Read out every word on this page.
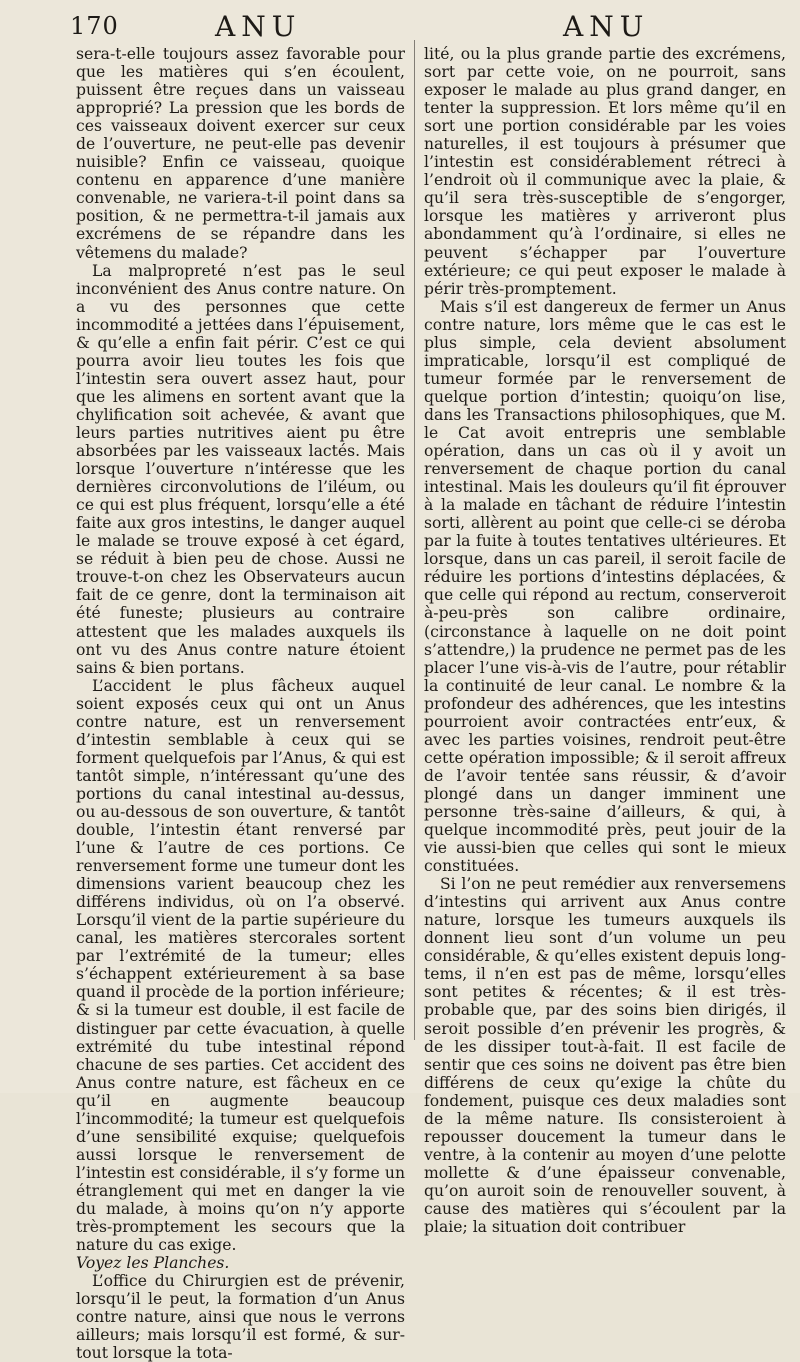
170	ANU	ANU

sera-t-elle toujours assez favorable pour que les matières qui s’en écoulent, puissent être reçues dans un vaisseau approprié? La pression que les bords de ces vaisseaux doivent exercer sur ceux de l’ouverture, ne peut-elle pas devenir nuisible? Enfin ce vaisseau, quoique contenu en apparence d’une manière convenable, ne variera-t-il point dans sa position, & ne permettra-t-il jamais aux excrémens de se répandre dans les vêtemens du malade?

La malpropreté n’est pas le seul inconvénient des Anus contre nature. On a vu des personnes que cette incommodité a jettées dans l’épuisement, & qu’elle a enfin fait périr. C’est ce qui pourra avoir lieu toutes les fois que l’intestin sera ouvert assez haut, pour que les alimens en sortent avant que la chylification soit achevée, & avant que leurs parties nutritives aient pu être absorbées par les vaisseaux lactés. Mais lorsque l’ouverture n’intéresse que les dernières circonvolutions de l’iléum, ou ce qui est plus fréquent, lorsqu’elle a été faite aux gros intestins, le danger auquel le malade se trouve exposé à cet égard, se réduit à bien peu de chose. Aussi ne trouve-t-on chez les Observateurs aucun fait de ce genre, dont la terminaison ait été funeste; plusieurs au contraire attestent que les malades auxquels ils ont vu des Anus contre nature étoient sains & bien portans.

L’accident le plus fâcheux auquel soient exposés ceux qui ont un Anus contre nature, est un renversement d’intestin semblable à ceux qui se forment quelquefois par l’Anus, & qui est tantôt simple, n’intéressant qu’une des portions du canal intestinal au-dessus, ou au-dessous de son ouverture, & tantôt double, l’intestin étant renversé par l’une & l’autre de ces portions. Ce renversement forme une tumeur dont les dimensions varient beaucoup chez les différens individus, où on l’a observé. Lorsqu’il vient de la partie supérieure du canal, les matières stercorales sortent par l’extrémité de la tumeur; elles s’échappent extérieurement à sa base quand il procède de la portion inférieure; & si la tumeur est double, il est facile de distinguer par cette évacuation, à quelle extrémité du tube intestinal répond chacune de ses parties. Cet accident des Anus contre nature, est fâcheux en ce qu’il en augmente beaucoup l’incommodité; la tumeur est quelquefois d’une sensibilité exquise; quelquefois aussi lorsque le renversement de l’intestin est considérable, il s’y forme un étranglement qui met en danger la vie du malade, à moins qu’on n’y apporte très-promptement les secours que la nature du cas exige.

Voyez les Planches.

L’office du Chirurgien est de prévenir, lorsqu’il le peut, la formation d’un Anus contre nature, ainsi que nous le verrons ailleurs; mais lorsqu’il est formé, & sur-tout lorsque la tota-

lité, ou la plus grande partie des excrémens, sort par cette voie, on ne pourroit, sans exposer le malade au plus grand danger, en tenter la suppression. Et lors même qu’il en sort une portion considérable par les voies naturelles, il est toujours à présumer que l’intestin est considérablement rétreci à l’endroit où il communique avec la plaie, & qu’il sera très-susceptible de s’engorger, lorsque les matières y arriveront plus abondamment qu’à l’ordinaire, si elles ne peuvent s’échapper par l’ouverture extérieure; ce qui peut exposer le malade à périr très-promptement.

Mais s’il est dangereux de fermer un Anus contre nature, lors même que le cas est le plus simple, cela devient absolument impraticable, lorsqu’il est compliqué de tumeur formée par le renversement de quelque portion d’intestin; quoiqu’on lise, dans les Transactions philosophiques, que M. le Cat avoit entrepris une semblable opération, dans un cas où il y avoit un renversement de chaque portion du canal intestinal. Mais les douleurs qu’il fit éprouver à la malade en tâchant de réduire l’intestin sorti, allèrent au point que celle-ci se déroba par la fuite à toutes tentatives ultérieures. Et lorsque, dans un cas pareil, il seroit facile de réduire les portions d’intestins déplacées, & que celle qui répond au rectum, conserveroit à-peu-près son calibre ordinaire, (circonstance à laquelle on ne doit point s’attendre,) la prudence ne permet pas de les placer l’une vis-à-vis de l’autre, pour rétablir la continuité de leur canal. Le nombre & la profondeur des adhérences, que les intestins pourroient avoir contractées entr’eux, & avec les parties voisines, rendroit peut-être cette opération impossible; & il seroit affreux de l’avoir tentée sans réussir, & d’avoir plongé dans un danger imminent une personne très-saine d’ailleurs, & qui, à quelque incommodité près, peut jouir de la vie aussi-bien que celles qui sont le mieux constituées.

Si l’on ne peut remédier aux renversemens d’intestins qui arrivent aux Anus contre nature, lorsque les tumeurs auxquels ils donnent lieu sont d’un volume un peu considérable, & qu’elles existent depuis long-tems, il n’en est pas de même, lorsqu’elles sont petites & récentes; & il est très-probable que, par des soins bien dirigés, il seroit possible d’en prévenir les progrès, & de les dissiper tout-à-fait. Il est facile de sentir que ces soins ne doivent pas être bien différens de ceux qu’exige la chûte du fondement, puisque ces deux maladies sont de la même nature. Ils consisteroient à repousser doucement la tumeur dans le ventre, à la contenir au moyen d’une pelotte mollette & d’une épaisseur convenable, qu’on auroit soin de renouveller souvent, à cause des matières qui s’écoulent par la plaie; la situation doit contribuer
